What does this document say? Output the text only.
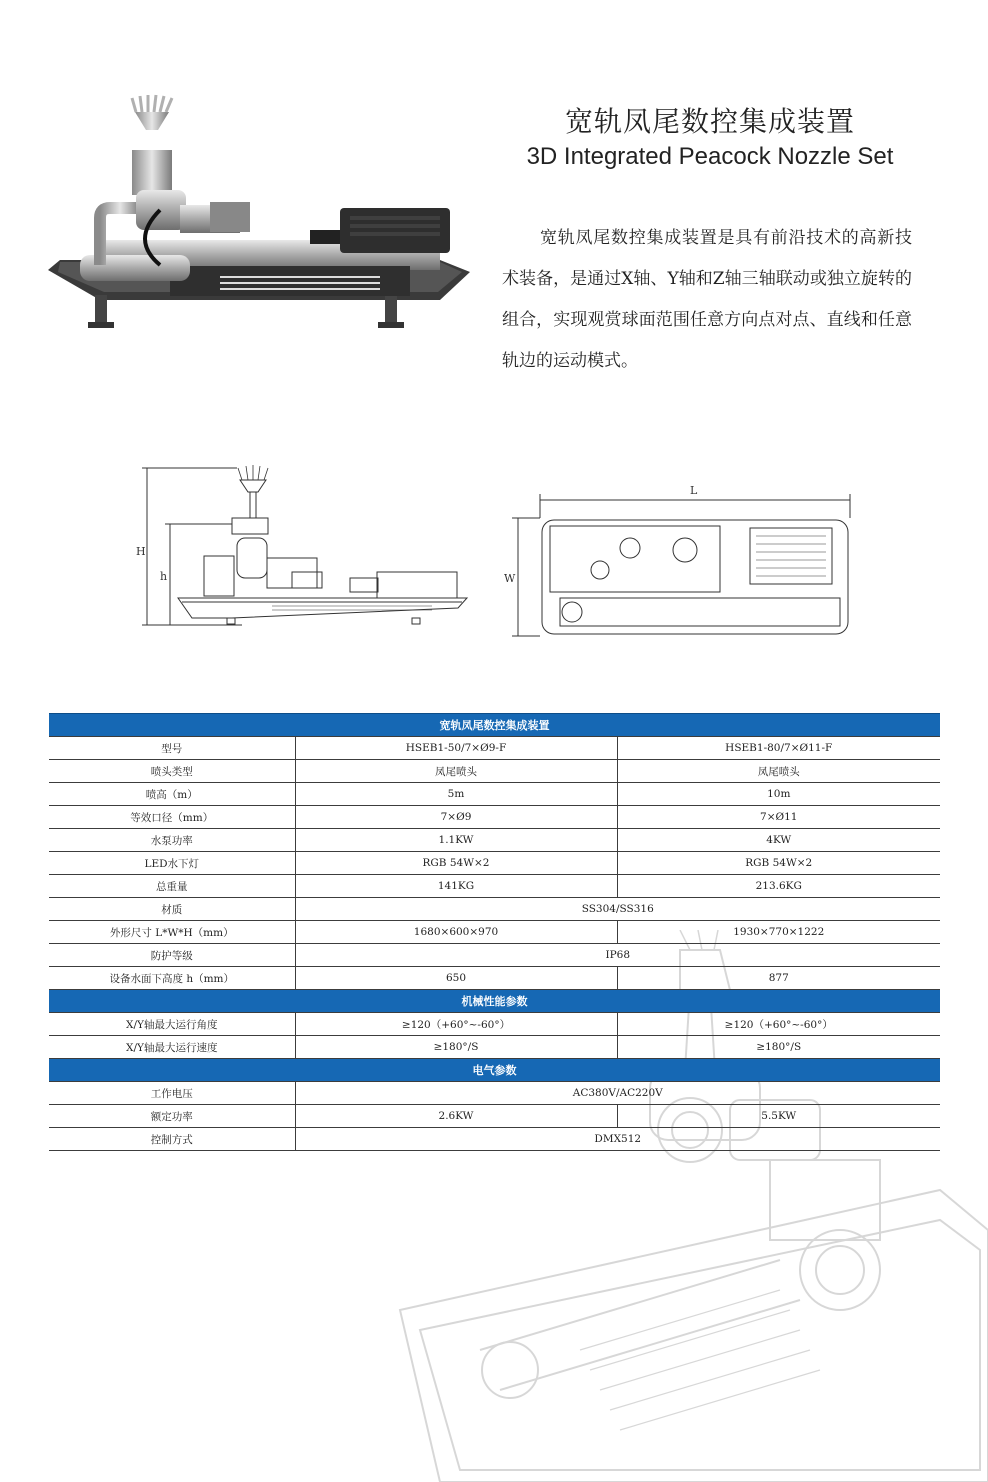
宽轨凤尾数控集成装置
3D Integrated Peacock Nozzle Set
宽轨凤尾数控集成装置是具有前沿技术的高新技术装备，是通过X轴、Y轴和Z轴三轴联动或独立旋转的组合，实现观赏球面范围任意方向点对点、直线和任意轨边的运动模式。
H
h
L
W
宽轨凤尾数控集成装置		
型号	HSEB1-50/7×Ø9-F	HSEB1-80/7×Ø11-F
喷头类型	凤尾喷头	凤尾喷头
喷高（m）	5m	10m
等效口径（mm）	7×Ø9	7×Ø11
水泵功率	1.1KW	4KW
LED水下灯	RGB 54W×2	RGB 54W×2
总重量	141KG	213.6KG
材质	SS304/SS316	
外形尺寸 L*W*H（mm）	1680×600×970	1930×770×1222
防护等级	IP68	
设备水面下高度 h（mm）	650	877
机械性能参数		
X/Y轴最大运行角度	≥120（+60°~-60°）	≥120（+60°~-60°）
X/Y轴最大运行速度	≥180°/S	≥180°/S
电气参数		
工作电压	AC380V/AC220V	
额定功率	2.6KW	5.5KW
控制方式	DMX512	
